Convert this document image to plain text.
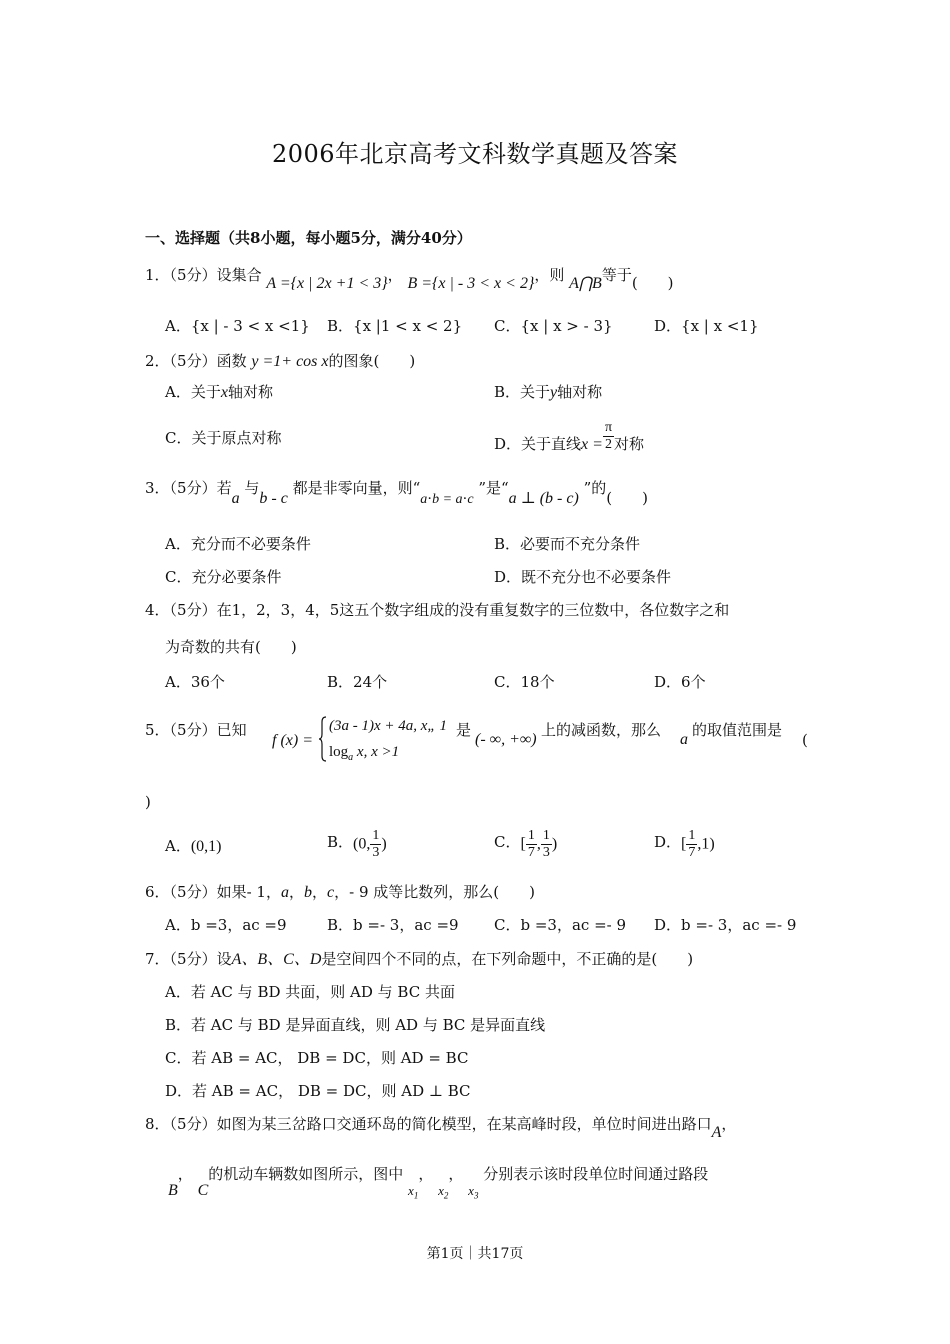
2006年北京高考文科数学真题及答案
一、选择题（共8小题，每小题5分，满分40分）
1．（5分）设集合 A ={x | 2x +1 < 3}， B ={x | - 3 < x < 2}，则 A⋂B等于(　　)
A．{x | - 3 < x <1} B．{x |1 < x < 2} C．{x | x > - 3}	D．{x | x <1}
2．（5分）函数 y =1+ cos x的图象(　　)
A．关于x轴对称	B．关于y轴对称
C．关于原点对称	D．关于直线$x = \frac{\pi}{2}$ 对称
3．（5分）若a 与b - c 都是非零向量，则“a⋅b = a⋅c ”是“a ⊥ (b - c) ”的(　　)
A．充分而不必要条件	B．必要而不充分条件
C．充分必要条件	D．既不充分也不必要条件
4．（5分）在1，2，3，4，5这五个数字组成的没有重复数字的三位数中，各位数字之和
为奇数的共有(　　)
A．36个	B．24个	C．18个	D．6个
5．（5分）已知
f (x) =
(3a - 1)x + 4a, x„ 1
$\log_a x$, x >1
是
(- ∞, +∞)
上的减函数，那么
a
的取值范围是
(
)
A．(0,1)	B．(0, $\frac{1}{3}$ )	C．[ $\frac{1}{7}$ , $\frac{1}{3}$ )	D．[ $\frac{1}{7} ,1$)
6．（5分）如果- 1，a，b，c，- 9 成等比数列，那么(　　)
A．b =3，ac =9	B．b =- 3，ac =9 C．b =3，ac =- 9 D．b =- 3，ac =- 9
7．（5分）设A、B、C、D是空间四个不同的点，在下列命题中，不正确的是(　　)
A．若 AC 与 BD 共面，则 AD 与 BC 共面
B．若 AC 与 BD 是异面直线，则 AD 与 BC 是异面直线
C．若 AB = AC， DB = DC，则 AD = BC
D．若 AB = AC， DB = DC，则 AD ⊥ BC
8．（5分）如图为某三岔路口交通环岛的简化模型，在某高峰时段，单位时间进出路口A，
B， C的机动车辆数如图所示，图中 $x_1$， $x_2$， $x_3$ 分别表示该时段单位时间通过路段
第1页｜共17页
